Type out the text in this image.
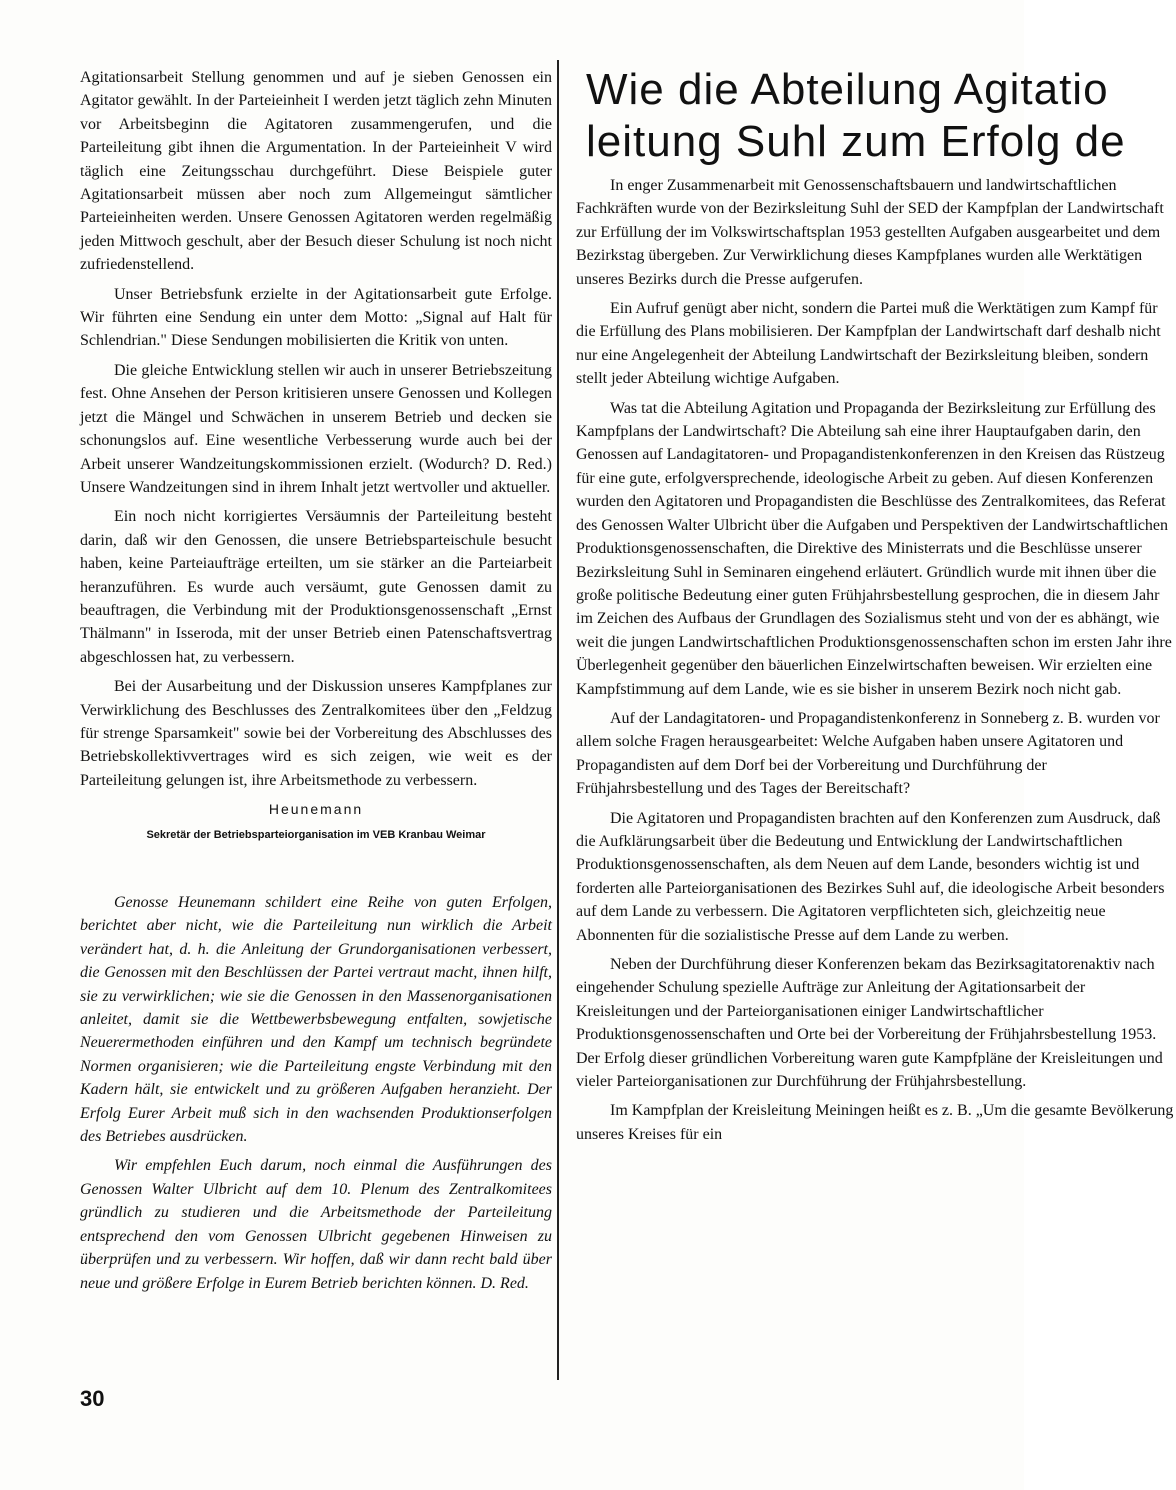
Agitationsarbeit Stellung genommen und auf je sieben Genossen ein Agitator gewählt. In der Parteieinheit I werden jetzt täglich zehn Minuten vor Arbeitsbeginn die Agitatoren zusammengerufen, und die Parteileitung gibt ihnen die Argumentation. In der Parteieinheit V wird täglich eine Zeitungsschau durchgeführt. Diese Beispiele guter Agitationsarbeit müssen aber noch zum Allgemeingut sämtlicher Parteieinheiten werden. Unsere Genossen Agitatoren werden regelmäßig jeden Mittwoch geschult, aber der Besuch dieser Schulung ist noch nicht zufriedenstellend.

Unser Betriebsfunk erzielte in der Agitationsarbeit gute Erfolge. Wir führten eine Sendung ein unter dem Motto: „Signal auf Halt für Schlendrian." Diese Sendungen mobilisierten die Kritik von unten.

Die gleiche Entwicklung stellen wir auch in unserer Betriebszeitung fest. Ohne Ansehen der Person kritisieren unsere Genossen und Kollegen jetzt die Mängel und Schwächen in unserem Betrieb und decken sie schonungslos auf. Eine wesentliche Verbesserung wurde auch bei der Arbeit unserer Wandzeitungskommissionen erzielt. (Wodurch? D. Red.) Unsere Wandzeitungen sind in ihrem Inhalt jetzt wertvoller und aktueller.

Ein noch nicht korrigiertes Versäumnis der Parteileitung besteht darin, daß wir den Genossen, die unsere Betriebsparteischule besucht haben, keine Parteiaufträge erteilten, um sie stärker an die Parteiarbeit heranzuführen. Es wurde auch versäumt, gute Genossen damit zu beauftragen, die Verbindung mit der Produktionsgenossenschaft „Ernst Thälmann" in Isseroda, mit der unser Betrieb einen Patenschaftsvertrag abgeschlossen hat, zu verbessern.

Bei der Ausarbeitung und der Diskussion unseres Kampfplanes zur Verwirklichung des Beschlusses des Zentralkomitees über den „Feldzug für strenge Sparsamkeit" sowie bei der Vorbereitung des Abschlusses des Betriebskollektivvertrages wird es sich zeigen, wie weit es der Parteileitung gelungen ist, ihre Arbeitsmethode zu verbessern.

Heunemann
Sekretär der Betriebsparteiorganisation im VEB Kranbau Weimar

Genosse Heunemann schildert eine Reihe von guten Erfolgen, berichtet aber nicht, wie die Parteileitung nun wirklich die Arbeit verändert hat, d. h. die Anleitung der Grundorganisationen verbessert, die Genossen mit den Beschlüssen der Partei vertraut macht, ihnen hilft, sie zu verwirklichen; wie sie die Genossen in den Massenorganisationen anleitet, damit sie die Wettbewerbsbewegung entfalten, sowjetische Neuerermethoden einführen und den Kampf um technisch begründete Normen organisieren; wie die Parteileitung engste Verbindung mit den Kadern hält, sie entwickelt und zu größeren Aufgaben heranzieht. Der Erfolg Eurer Arbeit muß sich in den wachsenden Produktionserfolgen des Betriebes ausdrücken.

Wir empfehlen Euch darum, noch einmal die Ausführungen des Genossen Walter Ulbricht auf dem 10. Plenum des Zentralkomitees gründlich zu studieren und die Arbeitsmethode der Parteileitung entsprechend den vom Genossen Ulbricht gegebenen Hinweisen zu überprüfen und zu verbessern. Wir hoffen, daß wir dann recht bald über neue und größere Erfolge in Eurem Betrieb berichten können. D. Red.

Wie die Abteilung Agitatio
leitung Suhl zum Erfolg de

In enger Zusammenarbeit mit Genossenschaftsbauern und landwirtschaftlichen Fachkräften wurde von der Bezirksleitung Suhl der SED der Kampfplan der Landwirtschaft zur Erfüllung der im Volkswirtschaftsplan 1953 gestellten Aufgaben ausgearbeitet und dem Bezirkstag übergeben. Zur Verwirklichung dieses Kampfplanes wurden alle Werktätigen unseres Bezirks durch die Presse aufgerufen.

Ein Aufruf genügt aber nicht, sondern die Partei muß die Werktätigen zum Kampf für die Erfüllung des Plans mobilisieren. Der Kampfplan der Landwirtschaft darf deshalb nicht nur eine Angelegenheit der Abteilung Landwirtschaft der Bezirksleitung bleiben, sondern stellt jeder Abteilung wichtige Aufgaben.

Was tat die Abteilung Agitation und Propaganda der Bezirksleitung zur Erfüllung des Kampfplans der Landwirtschaft? Die Abteilung sah eine ihrer Hauptaufgaben darin, den Genossen auf Landagitatoren- und Propagandistenkonferenzen in den Kreisen das Rüstzeug für eine gute, erfolgversprechende, ideologische Arbeit zu geben. Auf diesen Konferenzen wurden den Agitatoren und Propagandisten die Beschlüsse des Zentralkomitees, das Referat des Genossen Walter Ulbricht über die Aufgaben und Perspektiven der Landwirtschaftlichen Produktionsgenossenschaften, die Direktive des Ministerrats und die Beschlüsse unserer Bezirksleitung Suhl in Seminaren eingehend erläutert. Gründlich wurde mit ihnen über die große politische Bedeutung einer guten Frühjahrsbestellung gesprochen, die in diesem Jahr im Zeichen des Aufbaus der Grundlagen des Sozialismus steht und von der es abhängt, wie weit die jungen Landwirtschaftlichen Produktionsgenossenschaften schon im ersten Jahr ihre Überlegenheit gegenüber den bäuerlichen Einzelwirtschaften beweisen. Wir erzielten eine Kampfstimmung auf dem Lande, wie es sie bisher in unserem Bezirk noch nicht gab.

Auf der Landagitatoren- und Propagandistenkonferenz in Sonneberg z. B. wurden vor allem solche Fragen herausgearbeitet: Welche Aufgaben haben unsere Agitatoren und Propagandisten auf dem Dorf bei der Vorbereitung und Durchführung der Frühjahrsbestellung und des Tages der Bereitschaft?

Die Agitatoren und Propagandisten brachten auf den Konferenzen zum Ausdruck, daß die Aufklärungsarbeit über die Bedeutung und Entwicklung der Landwirtschaftlichen Produktionsgenossenschaften, als dem Neuen auf dem Lande, besonders wichtig ist und forderten alle Parteiorganisationen des Bezirkes Suhl auf, die ideologische Arbeit besonders auf dem Lande zu verbessern. Die Agitatoren verpflichteten sich, gleichzeitig neue Abonnenten für die sozialistische Presse auf dem Lande zu werben.

Neben der Durchführung dieser Konferenzen bekam das Bezirksagitatorenaktiv nach eingehender Schulung spezielle Aufträge zur Anleitung der Agitationsarbeit der Kreisleitungen und der Parteiorganisationen einiger Landwirtschaftlicher Produktionsgenossenschaften und Orte bei der Vorbereitung der Frühjahrsbestellung 1953. Der Erfolg dieser gründlichen Vorbereitung waren gute Kampfpläne der Kreisleitungen und vieler Parteiorganisationen zur Durchführung der Frühjahrsbestellung.

Im Kampfplan der Kreisleitung Meiningen heißt es z. B. „Um die gesamte Bevölkerung unseres Kreises für ein

30
